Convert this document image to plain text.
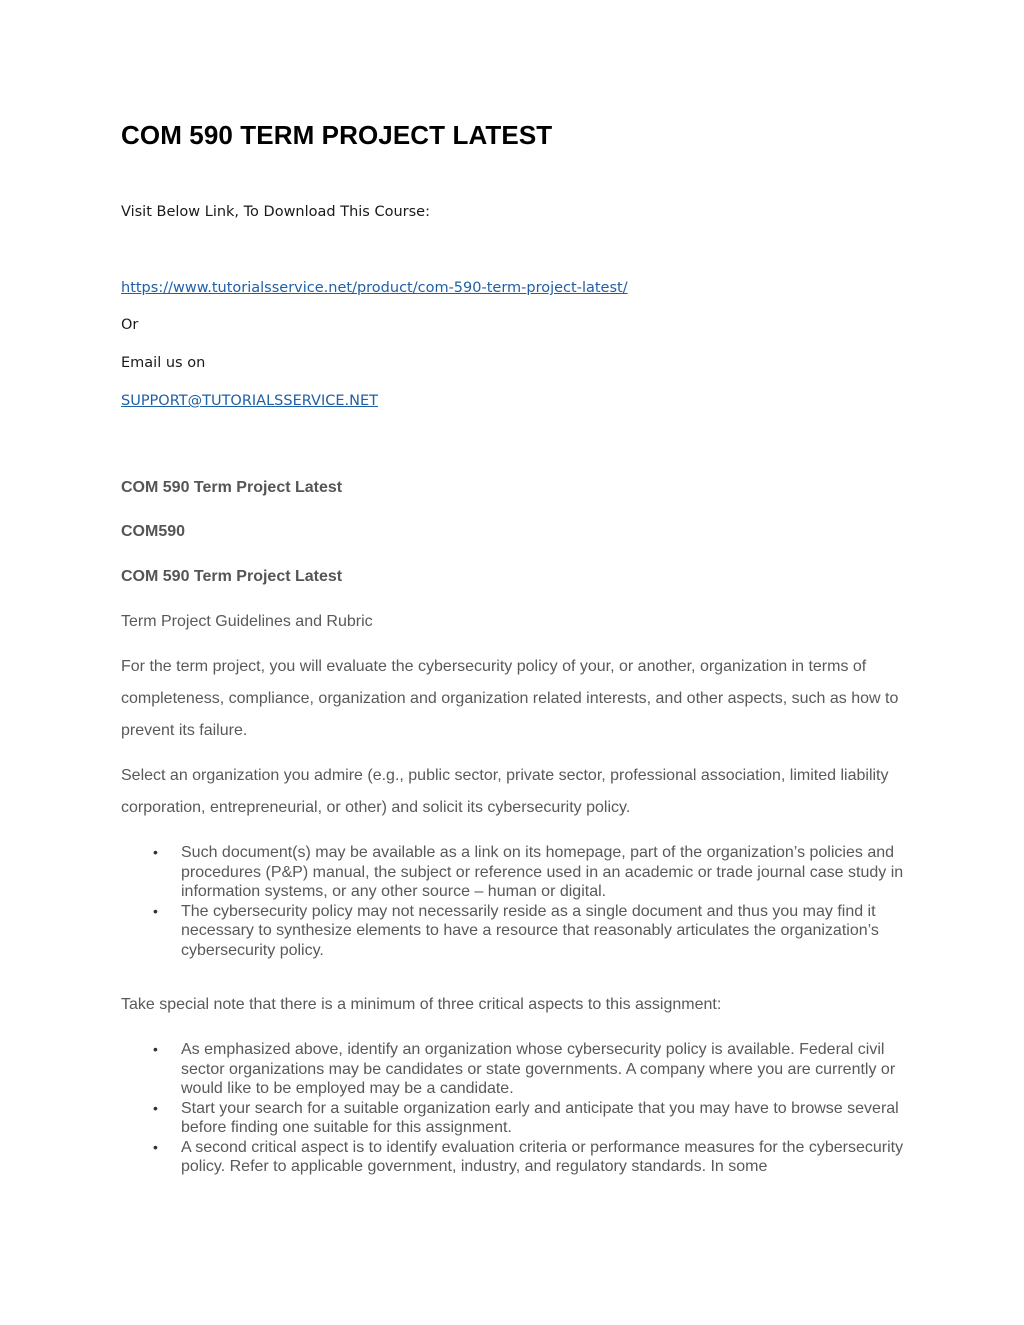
COM 590 TERM PROJECT LATEST

Visit Below Link, To Download This Course:

https://www.tutorialsservice.net/product/com-590-term-project-latest/

Or

Email us on

SUPPORT@TUTORIALSSERVICE.NET

COM 590 Term Project Latest

COM590

COM 590 Term Project Latest

Term Project Guidelines and Rubric

For the term project, you will evaluate the cybersecurity policy of your, or another, organization in terms of completeness, compliance, organization and organization related interests, and other aspects, such as how to prevent its failure.

Select an organization you admire (e.g., public sector, private sector, professional association, limited liability corporation, entrepreneurial, or other) and solicit its cybersecurity policy.

• Such document(s) may be available as a link on its homepage, part of the organization’s policies and procedures (P&P) manual, the subject or reference used in an academic or trade journal case study in information systems, or any other source – human or digital.
• The cybersecurity policy may not necessarily reside as a single document and thus you may find it necessary to synthesize elements to have a resource that reasonably articulates the organization’s cybersecurity policy.

Take special note that there is a minimum of three critical aspects to this assignment:

• As emphasized above, identify an organization whose cybersecurity policy is available. Federal civil sector organizations may be candidates or state governments. A company where you are currently or would like to be employed may be a candidate.
• Start your search for a suitable organization early and anticipate that you may have to browse several before finding one suitable for this assignment.
• A second critical aspect is to identify evaluation criteria or performance measures for the cybersecurity policy. Refer to applicable government, industry, and regulatory standards. In some
